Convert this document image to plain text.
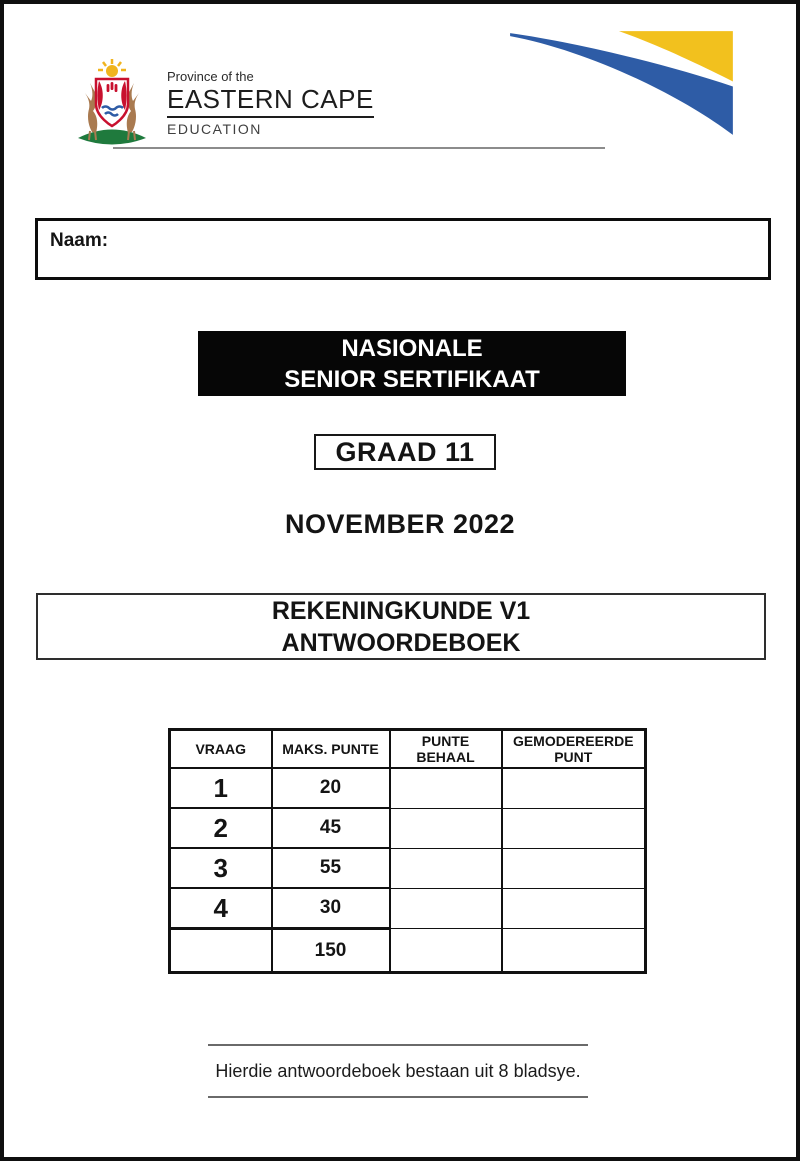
Province of the
EASTERN CAPE
EDUCATION
Naam:
NASIONALE
SENIOR SERTIFIKAAT
GRAAD 11
NOVEMBER 2022
REKENINGKUNDE V1
ANTWOORDEBOEK
VRAAG	MAKS. PUNTE	PUNTE BEHAAL	GEMODEREERDE PUNT
1	20		
2	45		
3	55		
4	30		
	150		
Hierdie antwoordeboek bestaan uit 8 bladsye.
